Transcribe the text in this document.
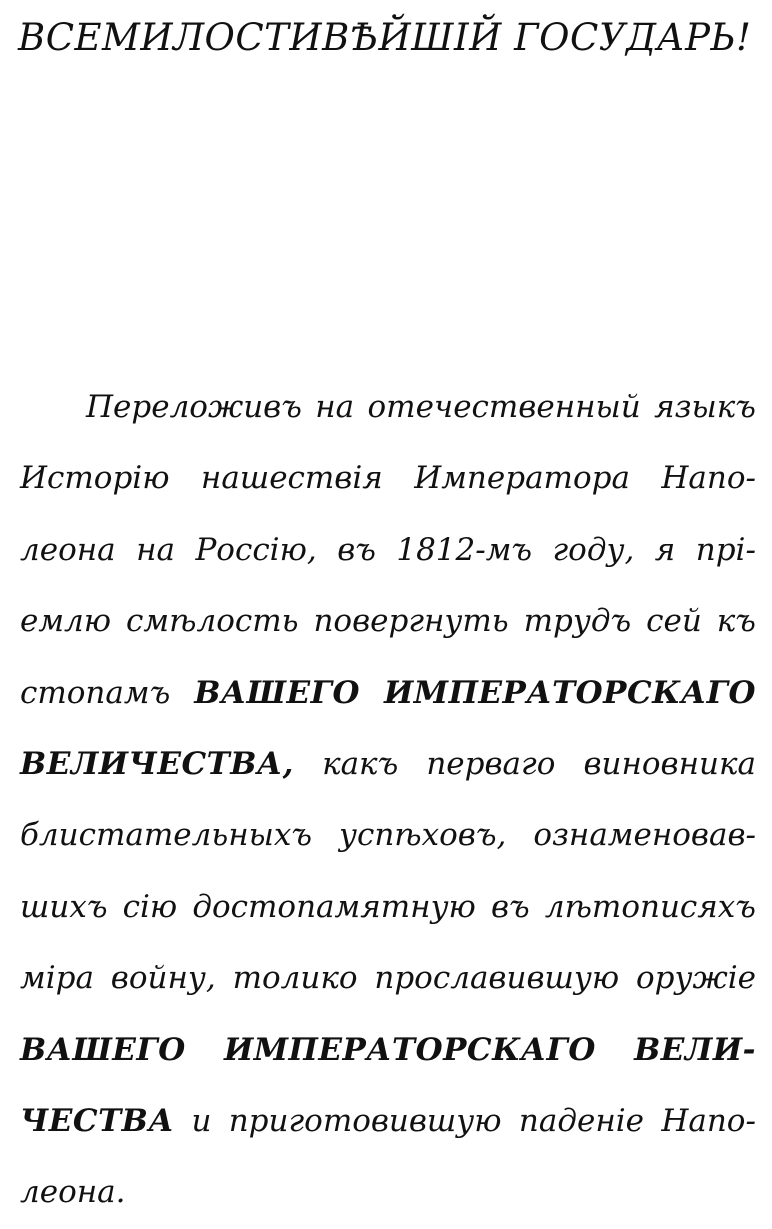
ВСЕМИЛОСТИВѢЙШІЙ ГОСУДАРЬ!
Переложивъ на отечественный языкъ
Исторію нашествія Императора Напо-
леона на Россію, въ 1812-мъ году, я прі-
емлю смѣлость повергнуть трудъ сей къ
стопамъ ВАШЕГО ИМПЕРАТОРСКАГО
ВЕЛИЧЕСТВА, какъ перваго виновника
блистательныхъ успѣховъ, ознаменовав-
шихъ сію достопамятную въ лѣтописяхъ
міра войну, толико прославившую оружіе
ВАШЕГО ИМПЕРАТОРСКАГО ВЕЛИ-
ЧЕСТВА и приготовившую паденіе Напо-
леона.
